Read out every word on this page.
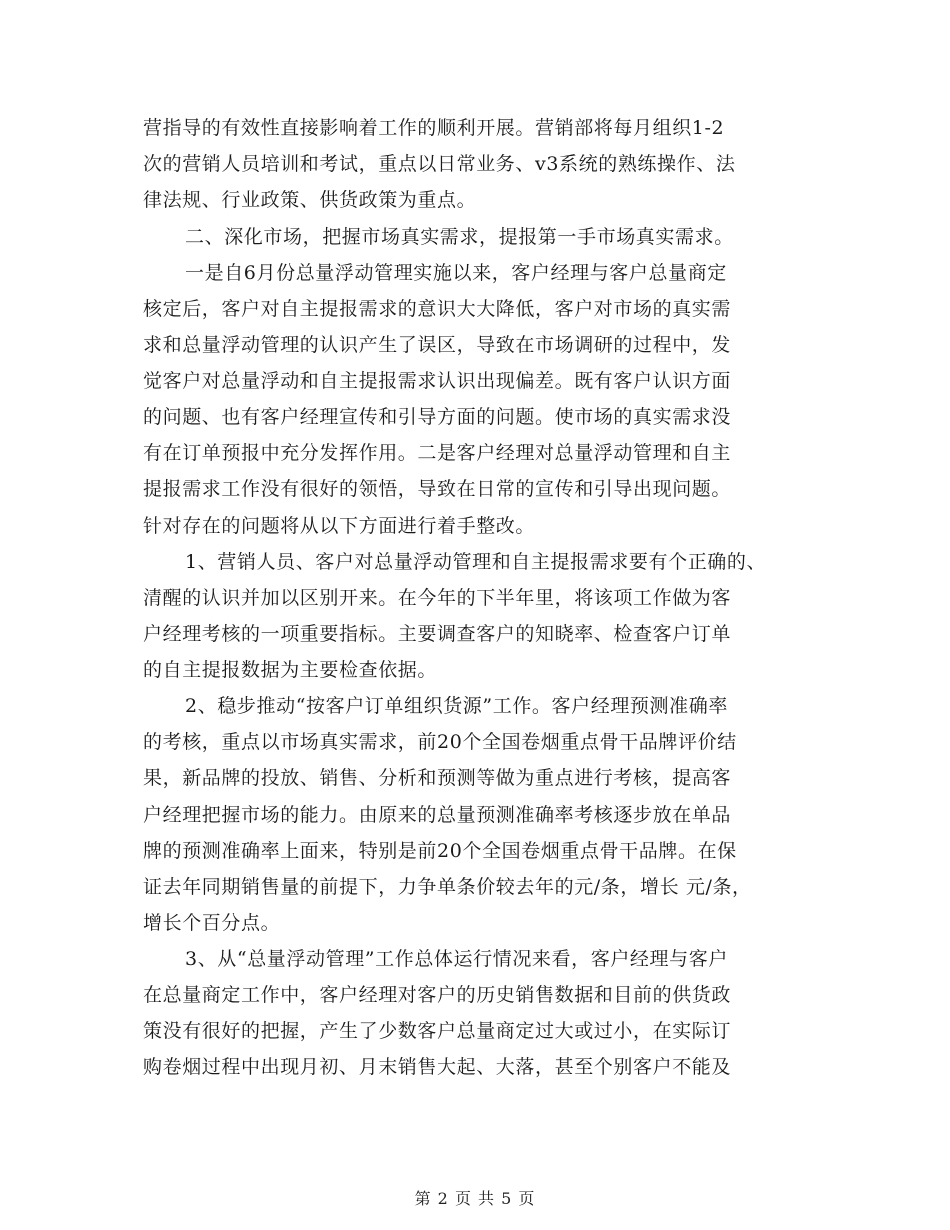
营指导的有效性直接影响着工作的顺利开展。营销部将每月组织1-2
次的营销人员培训和考试，重点以日常业务、v3系统的熟练操作、法
律法规、行业政策、供货政策为重点。
二、深化市场，把握市场真实需求，提报第一手市场真实需求。
一是自6月份总量浮动管理实施以来，客户经理与客户总量商定
核定后，客户对自主提报需求的意识大大降低，客户对市场的真实需
求和总量浮动管理的认识产生了误区，导致在市场调研的过程中，发
觉客户对总量浮动和自主提报需求认识出现偏差。既有客户认识方面
的问题、也有客户经理宣传和引导方面的问题。使市场的真实需求没
有在订单预报中充分发挥作用。二是客户经理对总量浮动管理和自主
提报需求工作没有很好的领悟，导致在日常的宣传和引导出现问题。
针对存在的问题将从以下方面进行着手整改。
1、营销人员、客户对总量浮动管理和自主提报需求要有个正确的、
清醒的认识并加以区别开来。在今年的下半年里，将该项工作做为客
户经理考核的一项重要指标。主要调查客户的知晓率、检查客户订单
的自主提报数据为主要检查依据。
2、稳步推动“按客户订单组织货源”工作。客户经理预测准确率
的考核，重点以市场真实需求，前20个全国卷烟重点骨干品牌评价结
果，新品牌的投放、销售、分析和预测等做为重点进行考核，提高客
户经理把握市场的能力。由原来的总量预测准确率考核逐步放在单品
牌的预测准确率上面来，特别是前20个全国卷烟重点骨干品牌。在保
证去年同期销售量的前提下，力争单条价较去年的元/条，增长 元/条，
增长个百分点。
3、从“总量浮动管理”工作总体运行情况来看，客户经理与客户
在总量商定工作中，客户经理对客户的历史销售数据和目前的供货政
策没有很好的把握，产生了少数客户总量商定过大或过小，在实际订
购卷烟过程中出现月初、月末销售大起、大落，甚至个别客户不能及
第 2 页 共 5 页
